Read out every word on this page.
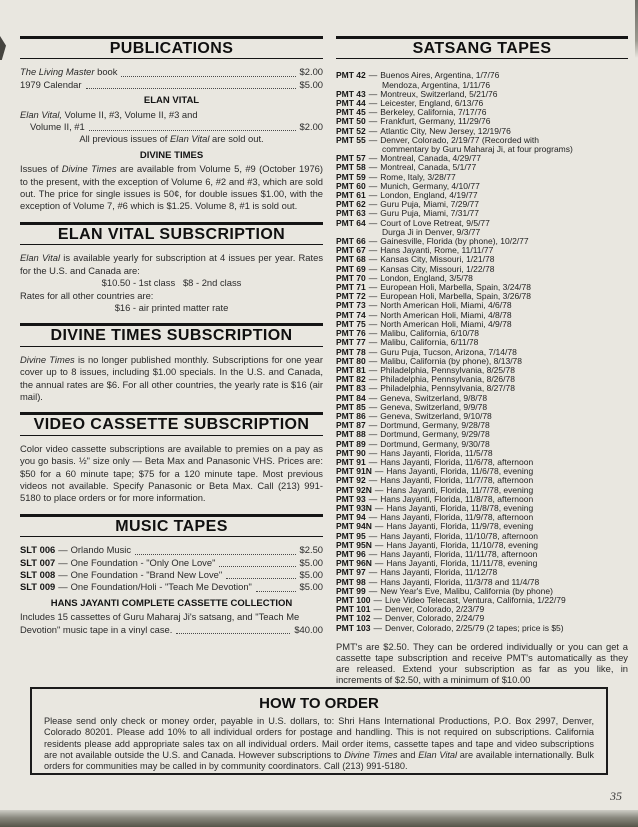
PUBLICATIONS
The Living Master book	$2.00
1979 Calendar	$5.00
ELAN VITAL
Elan Vital, Volume II, #3, Volume II, #3 and
Volume II, #1	$2.00
All previous issues of Elan Vital are sold out.
DIVINE TIMES

Issues of Divine Times are available from Volume 5, #9 (October 1976) to the present, with the exception of Volume 6, #2 and #3, which are sold out. The price for single issues is 50¢, for double issues $1.00, with the exception of Volume 7, #6 which is $1.25. Volume 8, #1 is sold out.

ELAN VITAL SUBSCRIPTION

Elan Vital is available yearly for subscription at 4 issues per year. Rates for the U.S. and Canada are:

$10.50 - 1st class   $8 - 2nd class
Rates for all other countries are:
$16 - air printed matter rate
DIVINE TIMES SUBSCRIPTION

Divine Times is no longer published monthly. Subscriptions for one year cover up to 8 issues, including $1.00 specials. In the U.S. and Canada, the annual rates are $6. For all other countries, the yearly rate is $16 (air mail).

VIDEO CASSETTE SUBSCRIPTION

Color video cassette subscriptions are available to premies on a pay as you go basis. ½" size only — Beta Max and Panasonic VHS. Prices are: $50 for a 60 minute tape; $75 for a 120 minute tape. Most previous videos not available. Specify Panasonic or Beta Max. Call (213) 991-5180 to place orders or for more information.

MUSIC TAPES
SLT 006 — Orlando Music	$2.50
SLT 007 — One Foundation - "Only One Love"	$5.00
SLT 008 — One Foundation - "Brand New Love"	$5.00
SLT 009 — One Foundation/Holi - "Teach Me Devotion"	$5.00
HANS JAYANTI COMPLETE CASSETTE COLLECTION
Includes 15 cassettes of Guru Maharaj Ji's satsang, and "Teach Me
Devotion" music tape in a vinyl case.	$40.00
SATSANG TAPES
PMT 42 — Buenos Aires, Argentina, 1/7/76
Mendoza, Argentina, 1/11/76
PMT 43 — Montreux, Switzerland, 5/21/76
PMT 44 — Leicester, England, 6/13/76
PMT 45 — Berkeley, California, 7/17/76
PMT 50 — Frankfurt, Germany, 11/29/76
PMT 52 — Atlantic City, New Jersey, 12/19/76
PMT 55 — Denver, Colorado, 2/19/77 (Recorded with
commentary by Guru Maharaj Ji, at four programs)
PMT 57 — Montreal, Canada, 4/29/77
PMT 58 — Montreal, Canada, 5/1/77
PMT 59 — Rome, Italy, 3/28/77
PMT 60 — Munich, Germany, 4/10/77
PMT 61 — London, England, 4/19/77
PMT 62 — Guru Puja, Miami, 7/29/77
PMT 63 — Guru Puja, Miami, 7/31/77
PMT 64 — Court of Love Retreat, 9/5/77
Durga Ji in Denver, 9/3/77
PMT 66 — Gainesville, Florida (by phone), 10/2/77
PMT 67 — Hans Jayanti, Rome, 11/11/77
PMT 68 — Kansas City, Missouri, 1/21/78
PMT 69 — Kansas City, Missouri, 1/22/78
PMT 70 — London, England, 3/5/78
PMT 71 — European Holi, Marbella, Spain, 3/24/78
PMT 72 — European Holi, Marbella, Spain, 3/26/78
PMT 73 — North American Holi, Miami, 4/6/78
PMT 74 — North American Holi, Miami, 4/8/78
PMT 75 — North American Holi, Miami, 4/9/78
PMT 76 — Malibu, California, 6/10/78
PMT 77 — Malibu, California, 6/11/78
PMT 78 — Guru Puja, Tucson, Arizona, 7/14/78
PMT 80 — Malibu, California (by phone), 8/13/78
PMT 81 — Philadelphia, Pennsylvania, 8/25/78
PMT 82 — Philadelphia, Pennsylvania, 8/26/78
PMT 83 — Philadelphia, Pennsylvania, 8/27/78
PMT 84 — Geneva, Switzerland, 9/8/78
PMT 85 — Geneva, Switzerland, 9/9/78
PMT 86 — Geneva, Switzerland, 9/10/78
PMT 87 — Dortmund, Germany, 9/28/78
PMT 88 — Dortmund, Germany, 9/29/78
PMT 89 — Dortmund, Germany, 9/30/78
PMT 90 — Hans Jayanti, Florida, 11/5/78
PMT 91 — Hans Jayanti, Florida, 11/6/78, afternoon
PMT 91N — Hans Jayanti, Florida, 11/6/78, evening
PMT 92 — Hans Jayanti, Florida, 11/7/78, afternoon
PMT 92N — Hans Jayanti, Florida, 11/7/78, evening
PMT 93 — Hans Jayanti, Florida, 11/8/78, afternoon
PMT 93N — Hans Jayanti, Florida, 11/8/78, evening
PMT 94 — Hans Jayanti, Florida, 11/9/78, afternoon
PMT 94N — Hans Jayanti, Florida, 11/9/78, evening
PMT 95 — Hans Jayanti, Florida, 11/10/78, afternoon
PMT 95N — Hans Jayanti, Florida, 11/10/78, evening
PMT 96 — Hans Jayanti, Florida, 11/11/78, afternoon
PMT 96N — Hans Jayanti, Florida, 11/11/78, evening
PMT 97 — Hans Jayanti, Florida, 11/12/78
PMT 98 — Hans Jayanti, Florida, 11/3/78 and 11/4/78
PMT 99 — New Year's Eve, Malibu, California (by phone)
PMT 100 — Live Video Telecast, Ventura, California, 1/22/79
PMT 101 — Denver, Colorado, 2/23/79
PMT 102 — Denver, Colorado, 2/24/79
PMT 103 — Denver, Colorado, 2/25/79 (2 tapes; price is $5)

PMT's are $2.50. They can be ordered individually or you can get a cassette tape subscription and receive PMT's automatically as they are released. Extend your subscription as far as you like, in increments of $2.50, with a minimum of $10.00

HOW TO ORDER

Please send only check or money order, payable in U.S. dollars, to: Shri Hans International Productions, P.O. Box 2997, Denver, Colorado 80201. Please add 10% to all individual orders for postage and handling. This is not required on subscriptions. California residents please add appropriate sales tax on all individual orders. Mail order items, cassette tapes and tape and video subscriptions are not available outside the U.S. and Canada. However subscriptions to Divine Times and Elan Vital are available internationally. Bulk orders for communities may be called in by community coordinators. Call (213) 991-5180.

35
